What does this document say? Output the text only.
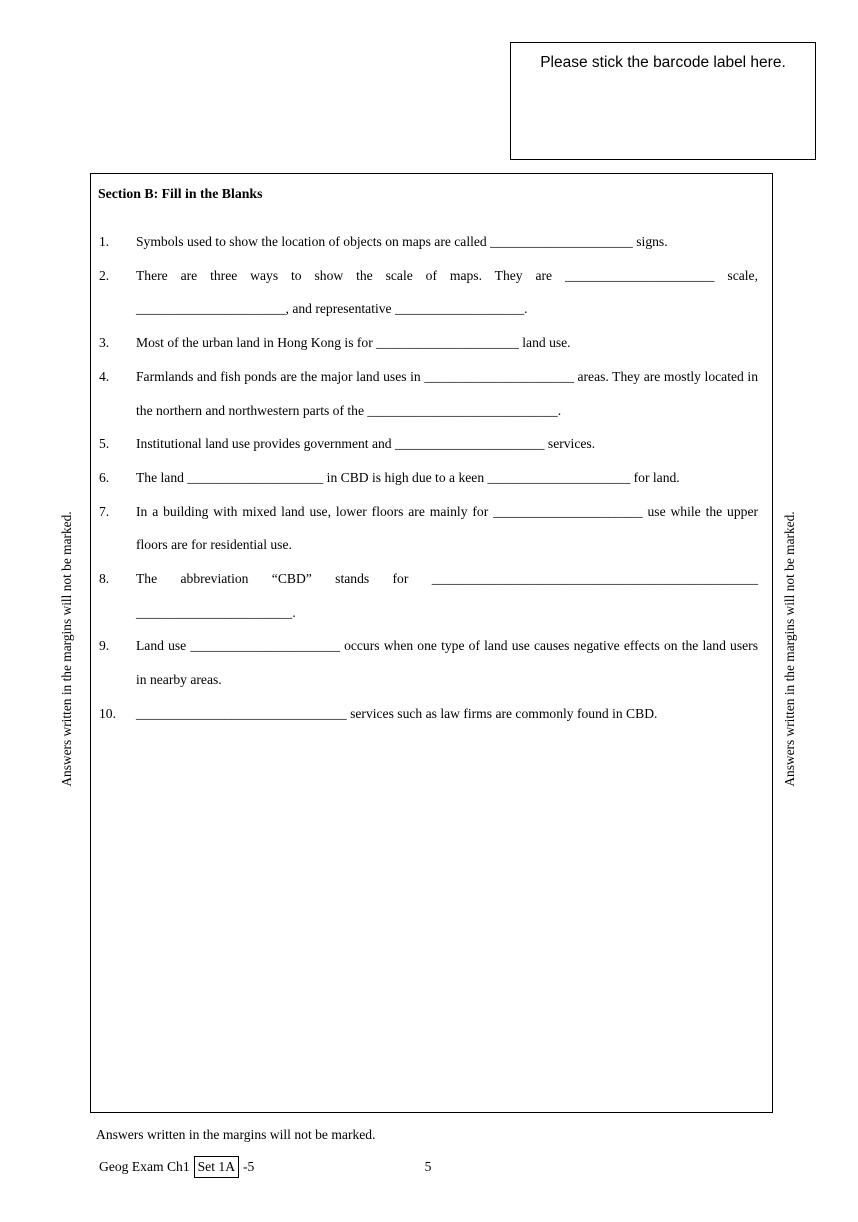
Please stick the barcode label here.

Section B: Fill in the Blanks

1. Symbols used to show the location of objects on maps are called _____________________ signs.
2. There are three ways to show the scale of maps. They are ______________________ scale, ______________________, and representative ___________________.
3. Most of the urban land in Hong Kong is for _____________________ land use.
4. Farmlands and fish ponds are the major land uses in ______________________ areas. They are mostly located in the northern and northwestern parts of the ____________________________.
5. Institutional land use provides government and ______________________ services.
6. The land ____________________ in CBD is high due to a keen _____________________ for land.
7. In a building with mixed land use, lower floors are mainly for ______________________ use while the upper floors are for residential use.
8. The abbreviation “CBD” stands for ________________________________________________ _______________________.
9. Land use ______________________ occurs when one type of land use causes negative effects on the land users in nearby areas.
10. _______________________________ services such as law firms are commonly found in CBD.
Answers written in the margins will not be marked.	Answers written in the margins will not be marked.
Answers written in the margins will not be marked.
Geog Exam Ch1 Set 1A -5	5
